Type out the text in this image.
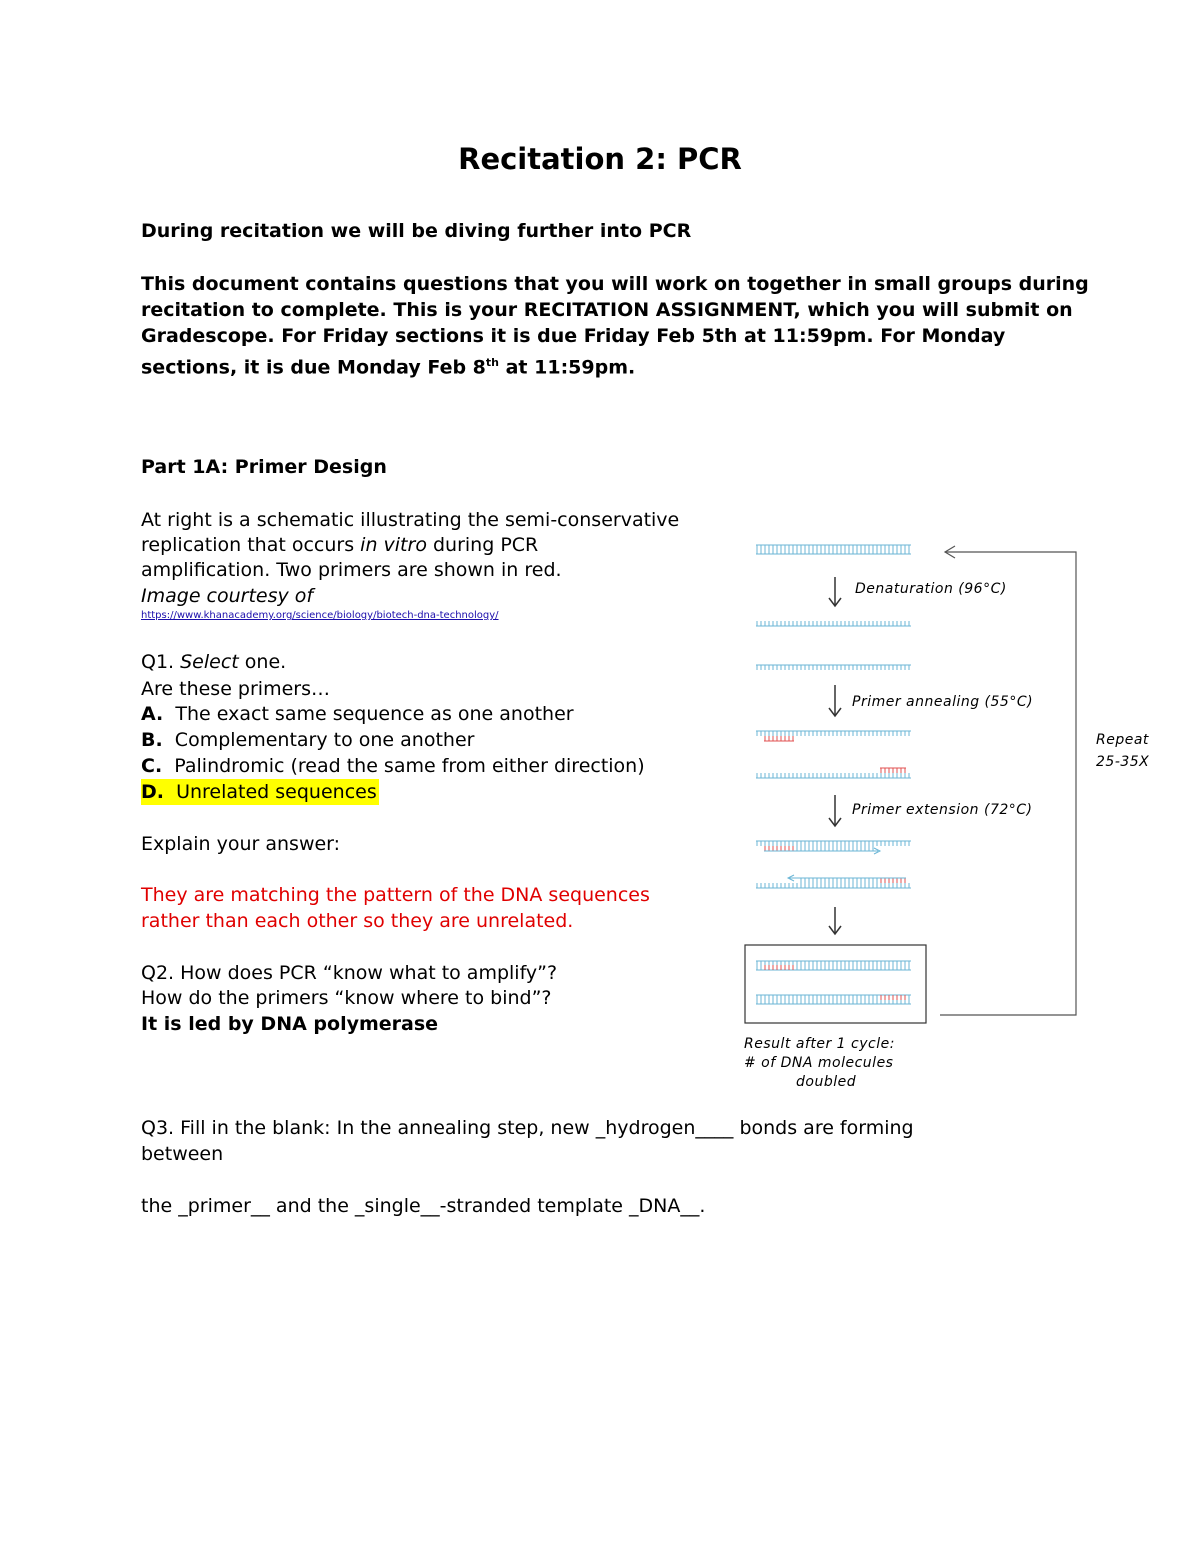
Recitation 2: PCR
During recitation we will be diving further into PCR
This document contains questions that you will work on together in small groups during
recitation to complete. This is your RECITATION ASSIGNMENT, which you will submit on
Gradescope. For Friday sections it is due Friday Feb 5th at 11:59pm. For Monday
sections, it is due Monday Feb 8th at 11:59pm.
Part 1A: Primer Design
At right is a schematic illustrating the semi-conservative
replication that occurs in vitro during PCR
amplification. Two primers are shown in red.
Image courtesy of
https://www.khanacademy.org/science/biology/biotech-dna-technology/
Q1. Select one.
Are these primers…
A. The exact same sequence as one another
B. Complementary to one another
C. Palindromic (read the same from either direction)
D. Unrelated sequences
Explain your answer:
They are matching the pattern of the DNA sequences
rather than each other so they are unrelated.
Q2. How does PCR “know what to amplify”?
How do the primers “know where to bind”?
It is led by DNA polymerase
Q3. Fill in the blank: In the annealing step, new _hydrogen____ bonds are forming
between
the _primer__ and the _single__-stranded template _DNA__.
Denaturation (96°C)
Primer annealing (55°C)
Primer extension (72°C)
Result after 1 cycle:
# of DNA molecules
doubled
Repeat
25-35X
